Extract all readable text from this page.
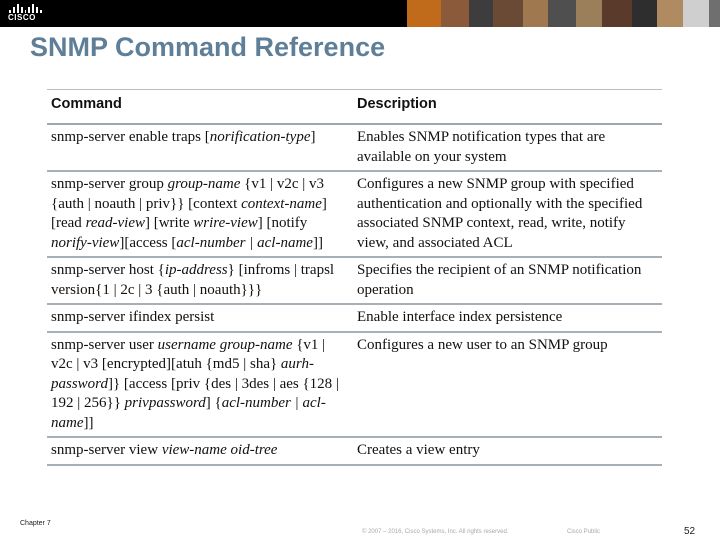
CISCO
SNMP Command Reference
Command	Description
snmp-server enable traps [norification-type]	Enables SNMP notification types that are available on your system
snmp-server group group-name {v1 | v2c | v3 {auth | noauth | priv}} [context context-name] [read read-view] [write wrire-view] [notify norify-view][access [acl-number | acl-name]]	Configures a new SNMP group with specified authentication and optionally with the specified associated SNMP context, read, write, notify view, and associated ACL
snmp-server host {ip-address} [infroms | trapsl version{1 | 2c | 3 {auth | noauth}}}	Specifies the recipient of an SNMP notification operation
snmp-server ifindex persist	Enable interface index persistence
snmp-server user username group-name {v1 | v2c | v3 [encrypted][atuh {md5 | sha} aurh-password]} [access [priv {des | 3des | aes {128 | 192 | 256}} privpassword] {acl-number | acl-name]]	Configures a new user to an SNMP group
snmp-server view view-name oid-tree	Creates a view entry
Chapter 7
© 2007 – 2016, Cisco Systems, Inc. All rights reserved.	Cisco Public	52
